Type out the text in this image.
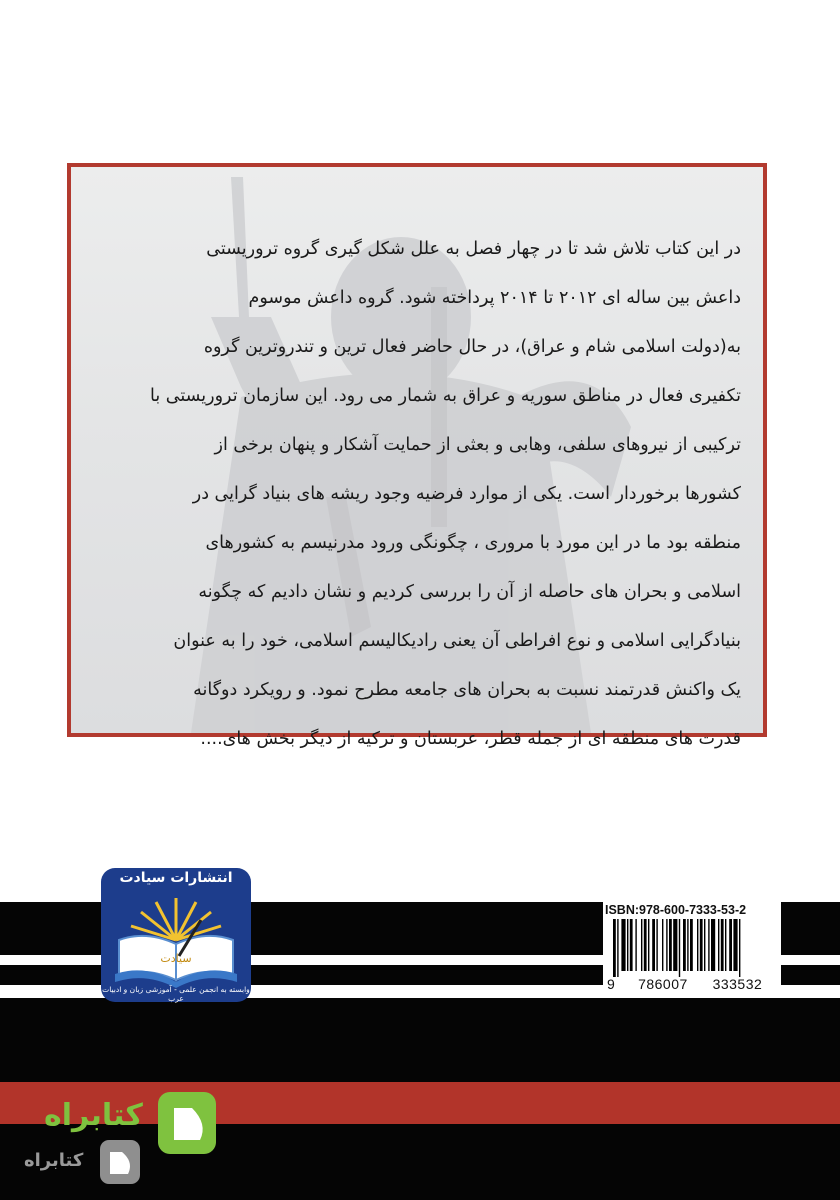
در این کتاب تلاش شد تا در چهار فصل به علل شکل گیری گروه تروریستی
داعش بین ساله ای ۲۰۱۲ تا ۲۰۱۴ پرداخته شود. گروه داعش موسوم
به(دولت اسلامی شام و عراق)، در حال حاضر فعال ترین و تندروترین گروه
تکفیری فعال در مناطق سوریه و عراق به شمار می رود. این سازمان تروریستی با
ترکیبی از نیروهای سلفی، وهابی و بعثی از حمایت آشکار و پنهان برخی از
کشورها برخوردار است. یکی از موارد فرضیه وجود ریشه های بنیاد گرایی در
منطقه بود ما در این مورد با مروری ، چگونگی ورود مدرنیسم به کشورهای
اسلامی و بحران های حاصله از آن را بررسی کردیم و نشان دادیم که چگونه
بنیادگرایی اسلامی و نوع افراطی آن یعنی رادیکالیسم اسلامی، خود را به عنوان
یک واکنش قدرتمند نسبت به بحران های جامعه مطرح نمود. و رویکرد دوگانه
قدرت های منطقه ای از جمله قطر، عربستان و ترکیه از دیگر بخش های....
ISBN:978-600-7333-53-2
9 786007 333532
انتشارات سیادت
سیادت
وابسته به انجمن علمی - آموزشی زبان و ادبیات عرب
کتابراه
کتابراه
